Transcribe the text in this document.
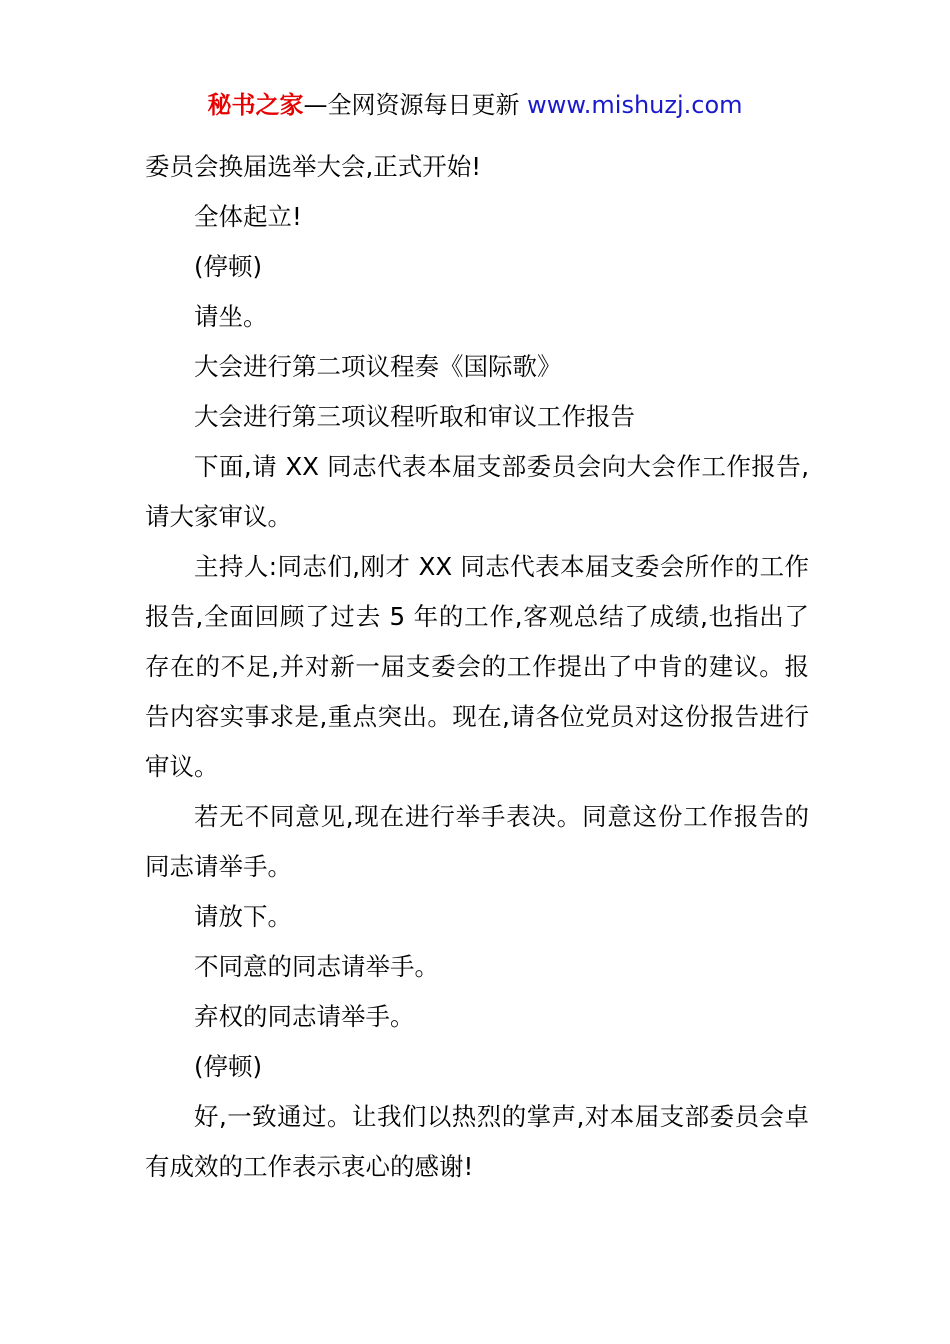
秘书之家—全网资源每日更新 www.mishuzj.com

委员会换届选举大会,正式开始!

全体起立!

(停顿)

请坐。

大会进行第二项议程奏《国际歌》

大会进行第三项议程听取和审议工作报告

下面,请 XX 同志代表本届支部委员会向大会作工作报告,请大家审议。

主持人:同志们,刚才 XX 同志代表本届支委会所作的工作报告,全面回顾了过去 5 年的工作,客观总结了成绩,也指出了存在的不足,并对新一届支委会的工作提出了中肯的建议。报告内容实事求是,重点突出。现在,请各位党员对这份报告进行审议。

若无不同意见,现在进行举手表决。同意这份工作报告的同志请举手。

请放下。

不同意的同志请举手。

弃权的同志请举手。

(停顿)

好,一致通过。让我们以热烈的掌声,对本届支部委员会卓有成效的工作表示衷心的感谢!
